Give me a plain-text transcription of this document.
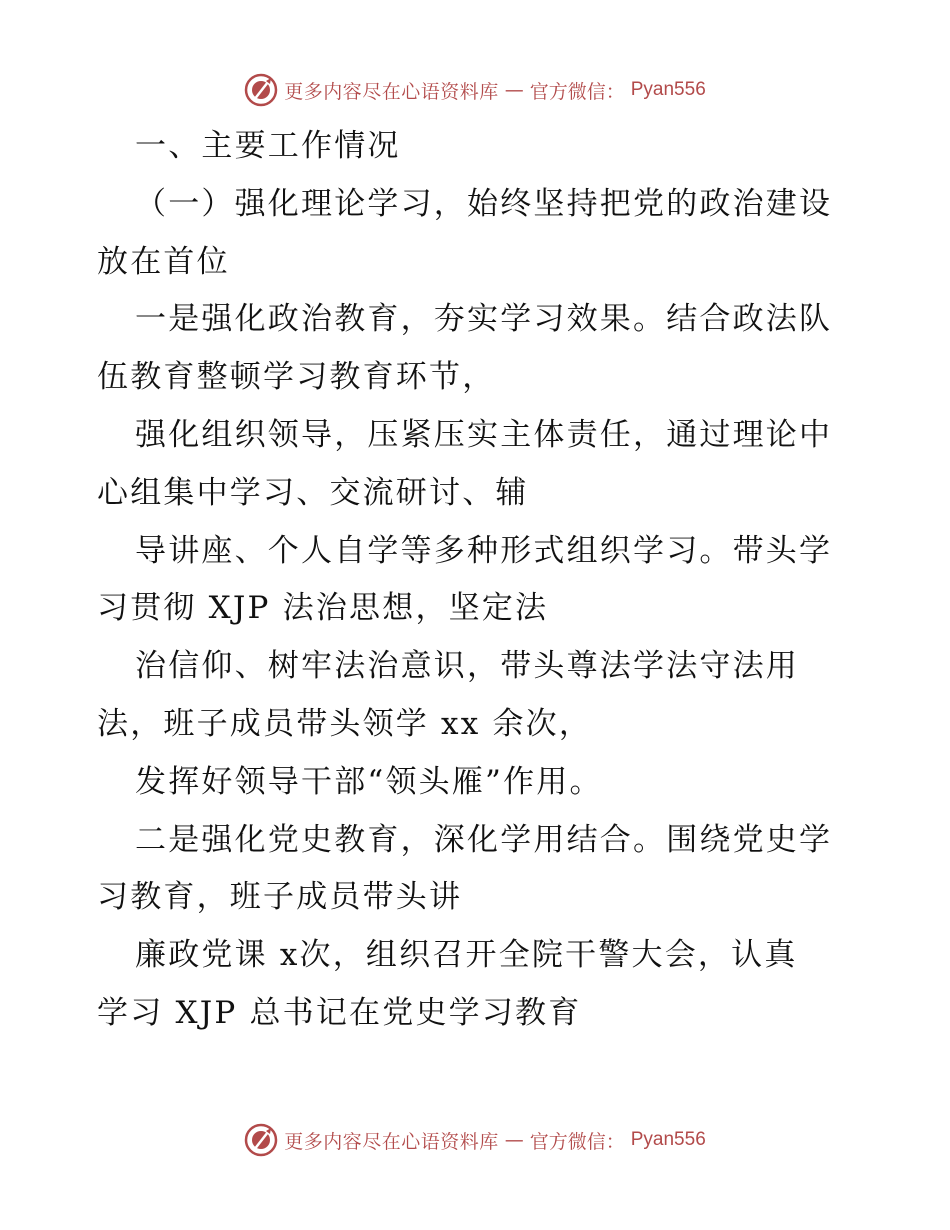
更多内容尽在心语资料库 — 官方微信： Pyan556
一、主要工作情况
（一）强化理论学习，始终坚持把党的政治建设
放在首位
一是强化政治教育，夯实学习效果。结合政法队
伍教育整顿学习教育环节，
强化组织领导，压紧压实主体责任，通过理论中
心组集中学习、交流研讨、辅
导讲座、个人自学等多种形式组织学习。带头学
习贯彻 XJP 法治思想，坚定法
治信仰、树牢法治意识，带头尊法学法守法用
法，班子成员带头领学 xx 余次，
发挥好领导干部“领头雁”作用。
二是强化党史教育，深化学用结合。围绕党史学
习教育，班子成员带头讲
廉政党课 x次，组织召开全院干警大会，认真
学习 XJP 总书记在党史学习教育
更多内容尽在心语资料库 — 官方微信： Pyan556
